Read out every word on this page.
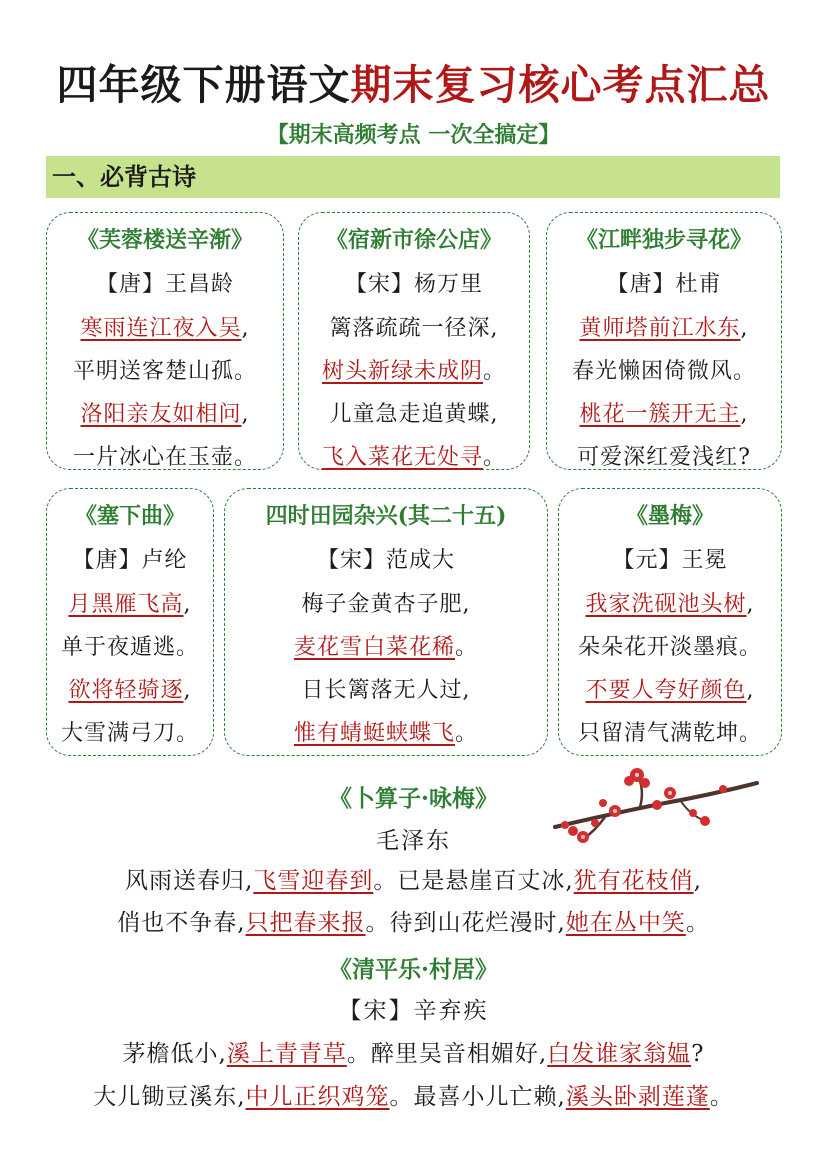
四年级下册语文期末复习核心考点汇总
【期末高频考点 一次全搞定】
一、必背古诗
《芙蓉楼送辛渐》
【唐】王昌龄
寒雨连江夜入吴,
平明送客楚山孤。
洛阳亲友如相问,
一片冰心在玉壶。
《宿新市徐公店》
【宋】杨万里
篱落疏疏一径深,
树头新绿未成阴。
儿童急走追黄蝶,
飞入菜花无处寻。
《江畔独步寻花》
【唐】杜甫
黄师塔前江水东,
春光懒困倚微风。
桃花一簇开无主,
可爱深红爱浅红?
《塞下曲》
【唐】卢纶
月黑雁飞高,
单于夜遁逃。
欲将轻骑逐,
大雪满弓刀。
四时田园杂兴(其二十五)
【宋】范成大
梅子金黄杏子肥,
麦花雪白菜花稀。
日长篱落无人过,
惟有蜻蜓蛱蝶飞。
《墨梅》
【元】王冕
我家洗砚池头树,
朵朵花开淡墨痕。
不要人夸好颜色,
只留清气满乾坤。
《卜算子·咏梅》
毛泽东
风雨送春归,飞雪迎春到。已是悬崖百丈冰,犹有花枝俏,
俏也不争春,只把春来报。待到山花烂漫时,她在丛中笑。
《清平乐·村居》
【宋】辛弃疾
茅檐低小,溪上青青草。醉里吴音相媚好,白发谁家翁媪?
大儿锄豆溪东,中儿正织鸡笼。最喜小儿亡赖,溪头卧剥莲蓬。
